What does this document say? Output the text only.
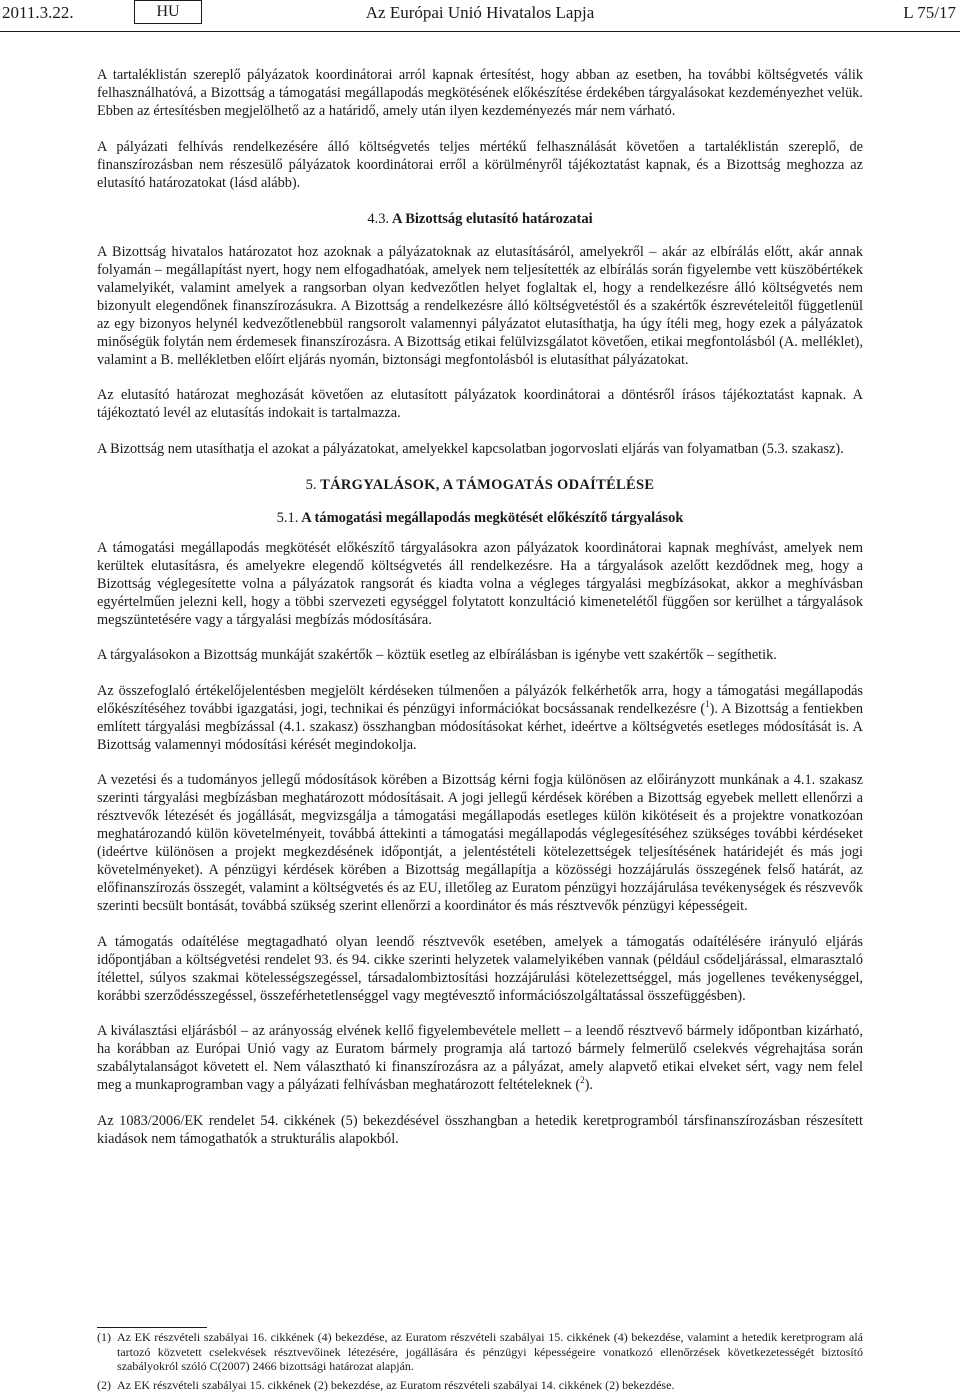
2011.3.22.	HU	Az Európai Unió Hivatalos Lapja	L 75/17

A tartaléklistán szereplő pályázatok koordinátorai arról kapnak értesítést, hogy abban az esetben, ha további költségvetés válik felhasználhatóvá, a Bizottság a támogatási megállapodás megkötésének előkészítése érdekében tárgyalásokat kezdeményezhet velük. Ebben az értesítésben megjelölhető az a határidő, amely után ilyen kezdeményezés már nem várható.

A pályázati felhívás rendelkezésére álló költségvetés teljes mértékű felhasználását követően a tartaléklistán szereplő, de finanszírozásban nem részesülő pályázatok koordinátorai erről a körülményről tájékoztatást kapnak, és a Bizottság meghozza az elutasító határozatokat (lásd alább).

4.3. A Bizottság elutasító határozatai

A Bizottság hivatalos határozatot hoz azoknak a pályázatoknak az elutasításáról, amelyekről – akár az elbírálás előtt, akár annak folyamán – megállapítást nyert, hogy nem elfogadhatóak, amelyek nem teljesítették az elbírálás során figyelembe vett küszöbértékek valamelyikét, valamint amelyek a rangsorban olyan kedvezőtlen helyet foglaltak el, hogy a rendelkezésre álló költségvetés nem bizonyult elegendőnek finanszírozásukra. A Bizottság a rendelkezésre álló költségvetéstől és a szakértők észrevételeitől függetlenül az egy bizonyos helynél kedvezőtlenebbül rangsorolt valamennyi pályázatot elutasíthatja, ha úgy ítéli meg, hogy ezek a pályázatok minőségük folytán nem érdemesek finanszírozásra. A Bizottság etikai felülvizsgálatot követően, etikai megfontolásból (A. melléklet), valamint a B. mellékletben előírt eljárás nyomán, biztonsági megfontolásból is elutasíthat pályázatokat.

Az elutasító határozat meghozását követően az elutasított pályázatok koordinátorai a döntésről írásos tájékoztatást kapnak. A tájékoztató levél az elutasítás indokait is tartalmazza.

A Bizottság nem utasíthatja el azokat a pályázatokat, amelyekkel kapcsolatban jogorvoslati eljárás van folyamatban (5.3. szakasz).

5. TÁRGYALÁSOK, A TÁMOGATÁS ODAÍTÉLÉSE
5.1. A támogatási megállapodás megkötését előkészítő tárgyalások

A támogatási megállapodás megkötését előkészítő tárgyalásokra azon pályázatok koordinátorai kapnak meghívást, amelyek nem kerültek elutasításra, és amelyekre elegendő költségvetés áll rendelkezésre. Ha a tárgyalások azelőtt kezdődnek meg, hogy a Bizottság véglegesítette volna a pályázatok rangsorát és kiadta volna a végleges tárgyalási megbízásokat, akkor a meghívásban egyértelműen jelezni kell, hogy a többi szervezeti egységgel folytatott konzultáció kimenetelétől függően sor kerülhet a tárgyalások megszüntetésére vagy a tárgyalási megbízás módosítására.

A tárgyalásokon a Bizottság munkáját szakértők – köztük esetleg az elbírálásban is igénybe vett szakértők – segíthetik.

Az összefoglaló értékelőjelentésben megjelölt kérdéseken túlmenően a pályázók felkérhetők arra, hogy a támogatási megállapodás előkészítéséhez további igazgatási, jogi, technikai és pénzügyi információkat bocsássanak rendelkezésre ($^1$). A Bizottság a fentiekben említett tárgyalási megbízással (4.1. szakasz) összhangban módosításokat kérhet, ideértve a költségvetés esetleges módosítását is. A Bizottság valamennyi módosítási kérését megindokolja.

A vezetési és a tudományos jellegű módosítások körében a Bizottság kérni fogja különösen az előirányzott munkának a 4.1. szakasz szerinti tárgyalási megbízásban meghatározott módosításait. A jogi jellegű kérdések körében a Bizottság egyebek mellett ellenőrzi a résztvevők létezését és jogállását, megvizsgálja a támogatási megállapodás esetleges külön kikötéseit és a projektre vonatkozóan meghatározandó külön követelményeit, továbbá áttekinti a támogatási megállapodás véglegesítéséhez szükséges további kérdéseket (ideértve különösen a projekt megkezdésének időpontját, a jelentéstételi kötelezettségek teljesítésének határidejét és más jogi követelményeket). A pénzügyi kérdések körében a Bizottság megállapítja a közösségi hozzájárulás összegének felső határát, az előfinanszírozás összegét, valamint a költségvetés és az EU, illetőleg az Euratom pénzügyi hozzájárulása tevékenységek és részvevők szerinti becsült bontását, továbbá szükség szerint ellenőrzi a koordinátor és más résztvevők pénzügyi képességeit.

A támogatás odaítélése megtagadható olyan leendő résztvevők esetében, amelyek a támogatás odaítélésére irányuló eljárás időpontjában a költségvetési rendelet 93. és 94. cikke szerinti helyzetek valamelyikében vannak (például csődeljárással, elmarasztaló ítélettel, súlyos szakmai kötelességszegéssel, társadalombiztosítási hozzájárulási kötelezettséggel, más jogellenes tevékenységgel, korábbi szerződésszegéssel, összeférhetetlenséggel vagy megtévesztő információszolgáltatással összefüggésben).

A kiválasztási eljárásból – az arányosság elvének kellő figyelembevétele mellett – a leendő résztvevő bármely időpontban kizárható, ha korábban az Európai Unió vagy az Euratom bármely programja alá tartozó bármely felmerülő cselekvés végrehajtása során szabálytalanságot követett el. Nem választható ki finanszírozásra az a pályázat, amely alapvető etikai elveket sért, vagy nem felel meg a munkaprogramban vagy a pályázati felhívásban meghatározott feltételeknek ($^2$).

Az 1083/2006/EK rendelet 54. cikkének (5) bekezdésével összhangban a hetedik keretprogramból társfinanszírozásban részesített kiadások nem támogathatók a strukturális alapokból.

(1) Az EK részvételi szabályai 16. cikkének (4) bekezdése, az Euratom részvételi szabályai 15. cikkének (4) bekezdése, valamint a hetedik keretprogram alá tartozó közvetett cselekvések résztvevőinek létezésére, jogállására és pénzügyi képességeire vonatkozó ellenőrzések következetességét biztosító szabályokról szóló C(2007) 2466 bizottsági határozat alapján.
(2) Az EK részvételi szabályai 15. cikkének (2) bekezdése, az Euratom részvételi szabályai 14. cikkének (2) bekezdése.
